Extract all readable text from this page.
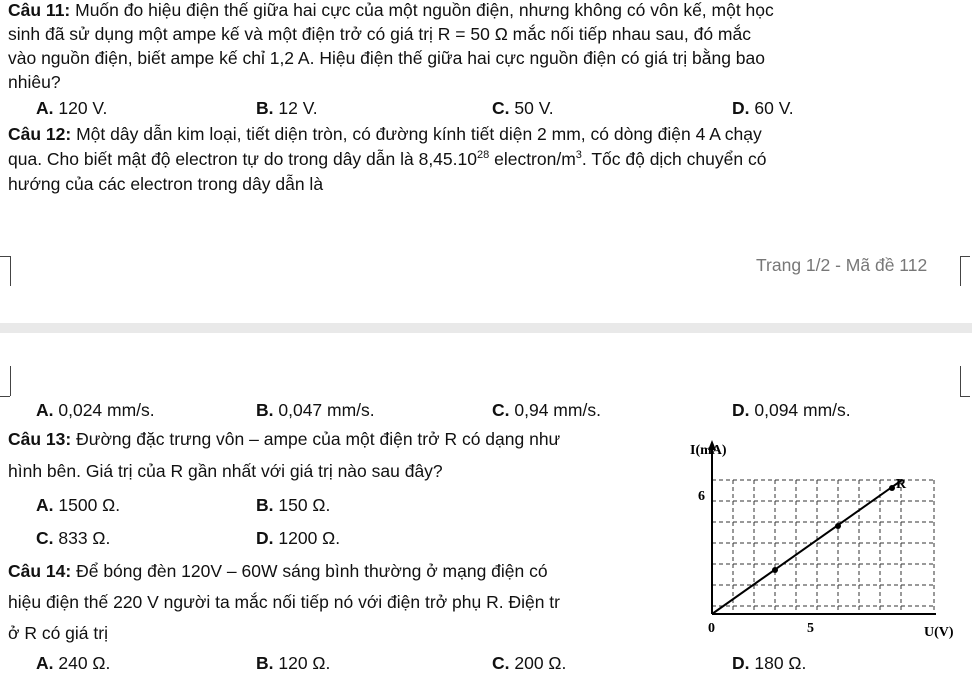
Câu 11: Muốn đo hiệu điện thế giữa hai cực của một nguồn điện, nhưng không có vôn kế, một học
sinh đã sử dụng một ampe kế và một điện trở có giá trị R = 50 Ω mắc nối tiếp nhau sau, đó mắc
vào nguồn điện, biết ampe kế chỉ 1,2 A. Hiệu điện thế giữa hai cực nguồn điện có giá trị bằng bao
nhiêu?
A. 120 V.	B. 12 V.	C. 50 V.	D. 60 V.
Câu 12: Một dây dẫn kim loại, tiết diện tròn, có đường kính tiết diện 2 mm, có dòng điện 4 A chạy
qua. Cho biết mật độ electron tự do trong dây dẫn là 8,45.10$^{28}$ electron/$m^3$. Tốc độ dịch chuyển có
hướng của các electron trong dây dẫn là
Trang 1/2 - Mã đề 112
A. 0,024 mm/s.	B. 0,047 mm/s.	C. 0,94 mm/s.	D. 0,094 mm/s.
Câu 13: Đường đặc trưng vôn – ampe của một điện trở R có dạng như
hình bên. Giá trị của R gần nhất với giá trị nào sau đây?
A. 1500 Ω.	B. 150 Ω.
C. 833 Ω.	D. 1200 Ω.
Câu 14: Để bóng đèn 120V – 60W sáng bình thường ở mạng điện có
hiệu điện thế 220 V người ta mắc nối tiếp nó với điện trở phụ R. Điện tr
ở R có giá trị
A. 240 Ω.	B. 120 Ω.	C. 200 Ω.	D. 180 Ω.
I(mA)
6
0	5	U(V)
R
